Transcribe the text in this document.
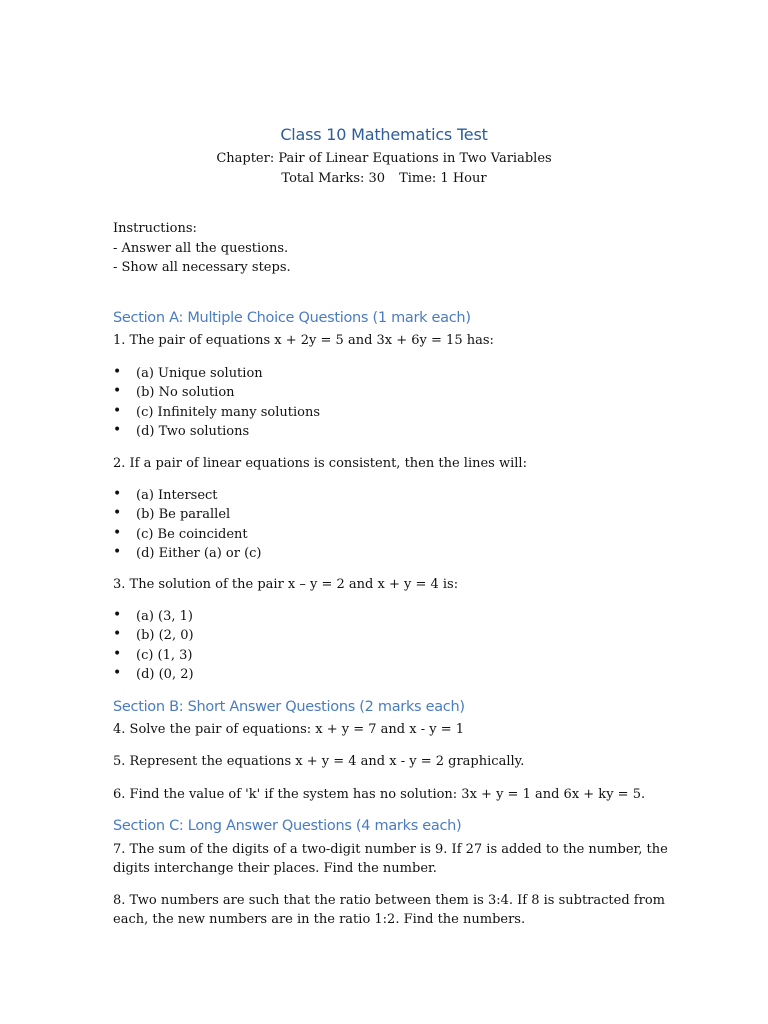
Class 10 Mathematics Test

Chapter: Pair of Linear Equations in Two Variables

Total Marks: 30 Time: 1 Hour

Instructions:
- Answer all the questions.
- Show all necessary steps.
Section A: Multiple Choice Questions (1 mark each)

1. The pair of equations x + 2y = 5 and 3x + 6y = 15 has:

• (a) Unique solution
• (b) No solution
• (c) Infinitely many solutions
• (d) Two solutions

2. If a pair of linear equations is consistent, then the lines will:

• (a) Intersect
• (b) Be parallel
• (c) Be coincident
• (d) Either (a) or (c)

3. The solution of the pair x – y = 2 and x + y = 4 is:

• (a) (3, 1)
• (b) (2, 0)
• (c) (1, 3)
• (d) (0, 2)
Section B: Short Answer Questions (2 marks each)

4. Solve the pair of equations: x + y = 7 and x - y = 1

5. Represent the equations x + y = 4 and x - y = 2 graphically.

6. Find the value of 'k' if the system has no solution: 3x + y = 1 and 6x + ky = 5.

Section C: Long Answer Questions (4 marks each)

7. The sum of the digits of a two-digit number is 9. If 27 is added to the number, the digits interchange their places. Find the number.

8. Two numbers are such that the ratio between them is 3:4. If 8 is subtracted from each, the new numbers are in the ratio 1:2. Find the numbers.
